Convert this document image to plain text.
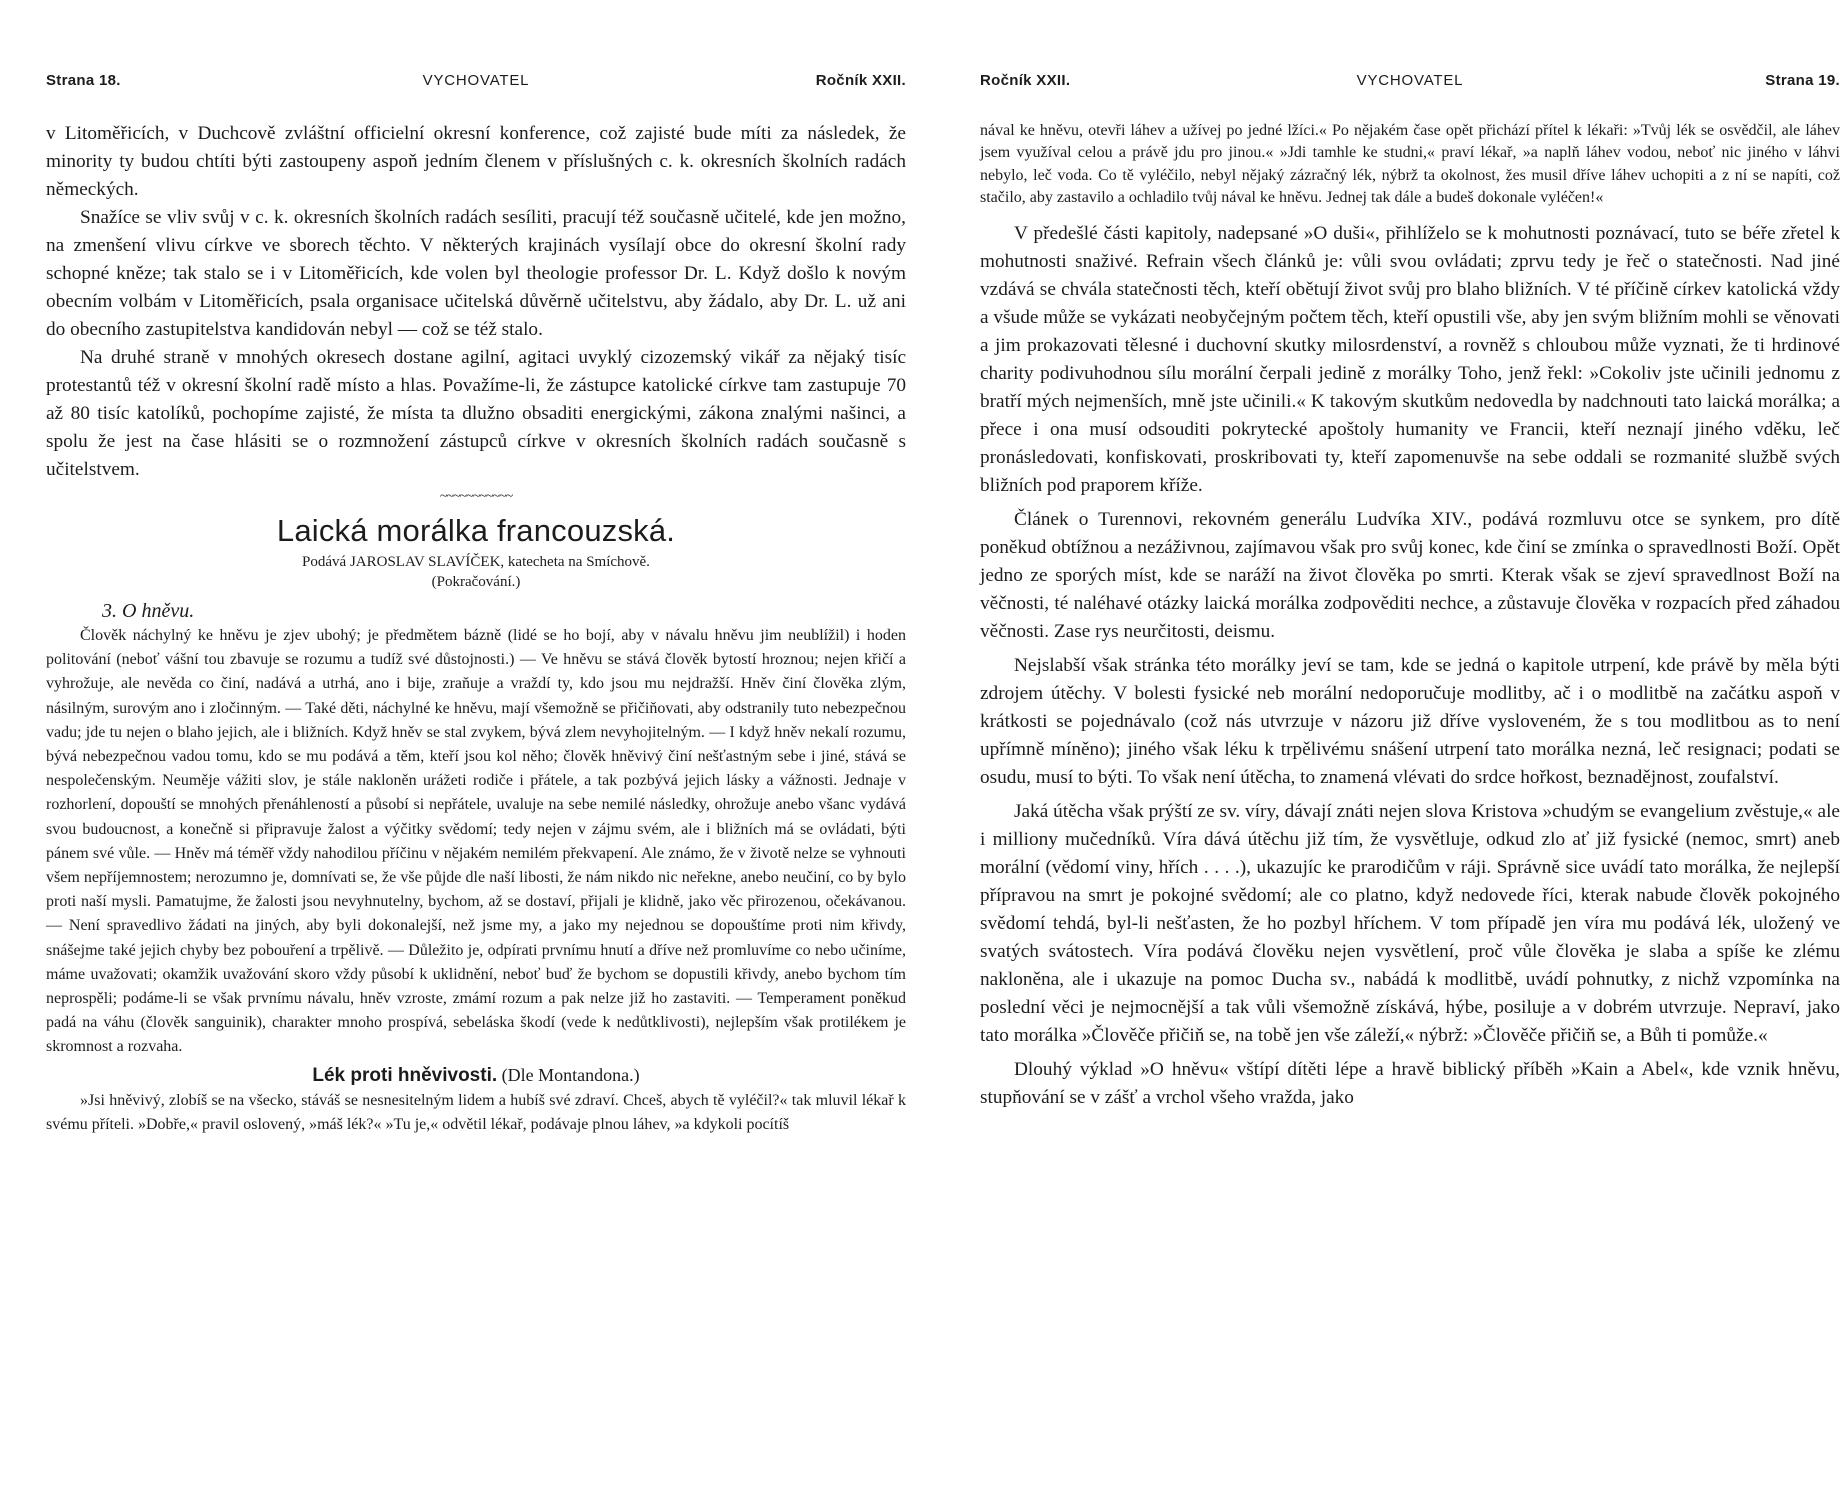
Strana 18.	VYCHOVATEL	Ročník XXII.

v Litoměřicích, v Duchcově zvláštní officielní okresní konference, což zajisté bude míti za následek, že minority ty budou chtíti býti zastoupeny aspoň jedním členem v příslušných c. k. okresních školních radách německých.

Snažíce se vliv svůj v c. k. okresních školních radách sesíliti, pracují též současně učitelé, kde jen možno, na zmenšení vlivu církve ve sborech těchto. V některých krajinách vysílají obce do okresní školní rady schopné kněze; tak stalo se i v Litoměřicích, kde volen byl theologie professor Dr. L. Když došlo k novým obecním volbám v Litoměřicích, psala organisace učitelská důvěrně učitelstvu, aby žádalo, aby Dr. L. už ani do obecního zastupitelstva kandidován nebyl — což se též stalo.

Na druhé straně v mnohých okresech dostane agilní, agitaci uvyklý cizozemský vikář za nějaký tisíc protestantů též v okresní školní radě místo a hlas. Považíme-li, že zástupce katolické církve tam zastupuje 70 až 80 tisíc katolíků, pochopíme zajisté, že místa ta dlužno obsaditi energickými, zákona znalými našinci, a spolu že jest na čase hlásiti se o rozmnožení zástupců církve v okresních školních radách současně s učitelstvem.

~~~~~~~~~~~
Laická morálka francouzská.
Podává JAROSLAV SLAVÍČEK, katecheta na Smíchově.
(Pokračování.)
3. O hněvu.

Člověk náchylný ke hněvu je zjev ubohý; je předmětem bázně (lidé se ho bojí, aby v návalu hněvu jim neublížil) i hoden politování (neboť vášní tou zbavuje se rozumu a tudíž své důstojnosti.) — Ve hněvu se stává člověk bytostí hroznou; nejen křičí a vyhrožuje, ale nevěda co činí, nadává a utrhá, ano i bije, zraňuje a vraždí ty, kdo jsou mu nejdražší. Hněv činí člověka zlým, násilným, surovým ano i zločinným. — Také děti, náchylné ke hněvu, mají všemožně se přičiňovati, aby odstranily tuto nebezpečnou vadu; jde tu nejen o blaho jejich, ale i bližních. Když hněv se stal zvykem, bývá zlem nevyhojitelným. — I když hněv nekalí rozumu, bývá nebezpečnou vadou tomu, kdo se mu podává a těm, kteří jsou kol něho; člověk hněvivý činí nešťastným sebe i jiné, stává se nespolečenským. Neumějе vážiti slov, je stále nakloněn urážeti rodiče i přátele, a tak pozbývá jejich lásky a vážnosti. Jednaje v rozhorlení, dopouští se mnohých přenáhleností a působí si nepřátele, uvaluje na sebe nemilé následky, ohrožuje anebo všanc vydává svou budoucnost, a konečně si připravuje žalost a výčitky svědomí; tedy nejen v zájmu svém, ale i bližních má se ovládati, býti pánem své vůle. — Hněv má téměř vždy nahodilou příčinu v nějakém nemilém překvapení. Ale známo, že v životě nelze se vyhnouti všem nepříjemnostem; nerozumno je, domnívati se, že vše půjde dle naší libosti, že nám nikdo nic neřekne, anebo neučiní, co by bylo proti naší mysli. Pamatujme, že žalosti jsou nevyhnutelny, bychom, až se dostaví, přijali je klidně, jako věc přirozenou, očekávanou. — Není spravedlivo žádati na jiných, aby byli dokonalejší, než jsme my, a jako my nejednou se dopouštíme proti nim křivdy, snášejme také jejich chyby bez pobouření a trpělivě. — Důležito je, odpírati prvnímu hnutí a dříve než promluvíme co nebo učiníme, máme uvažovati; okamžik uvažování skoro vždy působí k uklidnění, neboť buď že bychom se dopustili křivdy, anebo bychom tím neprospěli; podáme-li se však prvnímu návalu, hněv vzroste, zmámí rozum a pak nelze již ho zastaviti. — Temperament poněkud padá na váhu (člověk sanguinik), charakter mnoho prospívá, sebeláska škodí (vede k nedůtklivosti), nejlepším však protilékem je skromnost a rozvaha.

Lék proti hněvivosti. (Dle Montandona.)

»Jsi hněvivý, zlobíš se na všecko, stáváš se nesnesitelným lidem a hubíš své zdraví. Chceš, abych tě vyléčil?« tak mluvil lékař k svému příteli. »Dobře,« pravil oslovený, »máš lék?« »Tu je,« odvětil lékař, podávaje plnou láhev, »a kdykoli pocítíš

Ročník XXII.	VYCHOVATEL	Strana 19.

nával ke hněvu, otevři láhev a užívej po jedné lžíci.« Po nějakém čase opět přichází přítel k lékaři: »Tvůj lék se osvědčil, ale láhev jsem využíval celou a právě jdu pro jinou.« »Jdi tamhle ke studni,« praví lékař, »a naplň láhev vodou, neboť nic jiného v láhvi nebylo, leč voda. Co tě vyléčilo, nebyl nějaký zázračný lék, nýbrž ta okolnost, žes musil dříve láhev uchopiti a z ní se napíti, což stačilo, aby zastavilo a ochladilo tvůj nával ke hněvu. Jednej tak dále a budeš dokonale vyléčen!«

V předešlé části kapitoly, nadepsané »O duši«, přihlíželo se k mohutnosti poznávací, tuto se béře zřetel k mohutnosti snaživé. Refrain všech článků je: vůli svou ovládati; zprvu tedy je řeč o statečnosti. Nad jiné vzdává se chvála statečnosti těch, kteří obětují život svůj pro blaho bližních. V té příčině církev katolická vždy a všude může se vykázati neobyčejným počtem těch, kteří opustili vše, aby jen svým bližním mohli se věnovati a jim prokazovati tělesné i duchovní skutky milosrdenství, a rovněž s chloubou může vyznati, že ti hrdinové charity podivuhodnou sílu morální čerpali jedině z morálky Toho, jenž řekl: »Cokoliv jste učinili jednomu z bratří mých nejmenších, mně jste učinili.« K takovým skutkům nedovedla by nadchnouti tato laická morálka; a přece i ona musí odsouditi pokrytecké apoštoly humanity ve Francii, kteří neznají jiného vděku, leč pronásledovati, konfiskovati, proskribovati ty, kteří zapomenuvše na sebe oddali se rozmanité službě svých bližních pod praporem kříže.

Článek o Turennovi, rekovném generálu Ludvíka XIV., podává rozmluvu otce se synkem, pro dítě poněkud obtížnou a nezáživnou, zajímavou však pro svůj konec, kde činí se zmínka o spravedlnosti Boží. Opět jedno ze sporých míst, kde se naráží na život člověka po smrti. Kterak však se zjeví spravedlnost Boží na věčnosti, té naléhavé otázky laická morálka zodpověditi nechce, a zůstavuje člověka v rozpacích před záhadou věčnosti. Zase rys neurčitosti, deismu.

Nejslabší však stránka této morálky jeví se tam, kde se jedná o kapitole utrpení, kde právě by měla býti zdrojem útěchy. V bolesti fysické neb morální nedoporučuje modlitby, ač i o modlitbě na začátku aspoň v krátkosti se pojednávalo (což nás utvrzuje v názoru již dříve vysloveném, že s tou modlitbou as to není upřímně míněno); jiného však léku k trpělivému snášení utrpení tato morálka nezná, leč resignaci; podati se osudu, musí to býti. To však není útěcha, to znamená vlévati do srdce hořkost, beznadějnost, zoufalství.

Jaká útěcha však prýští ze sv. víry, dávají znáti nejen slova Kristova »chudým se evangelium zvěstuje,« ale i milliony mučedníků. Víra dává útěchu již tím, že vysvětluje, odkud zlo ať již fysické (nemoc, smrt) aneb morální (vědomí viny, hřích . . . .), ukazujíc ke prarodičům v ráji. Správně sice uvádí tato morálka, že nejlepší přípravou na smrt je pokojné svědomí; ale co platno, když nedovede říci, kterak nabude člověk pokojného svědomí tehdá, byl-li nešťasten, že ho pozbyl hříchem. V tom případě jen víra mu podává lék, uložený ve svatých svátostech. Víra podává člověku nejen vysvětlení, proč vůle člověka je slaba a spíše ke zlému nakloněna, ale i ukazuje na pomoc Ducha sv., nabádá k modlitbě, uvádí pohnutky, z nichž vzpomínka na poslední věci je nejmocnější a tak vůli všemožně získává, hýbe, posiluje a v dobrém utvrzuje. Nepraví, jako tato morálka »Člověče přičiň se, na tobě jen vše záleží,« nýbrž: »Člověče přičiň se, a Bůh ti pomůže.«

Dlouhý výklad »O hněvu« vštípí dítěti lépe a hravě biblický příběh »Kain a Abel«, kde vznik hněvu, stupňování se v zášť a vrchol všeho vražda, jako
